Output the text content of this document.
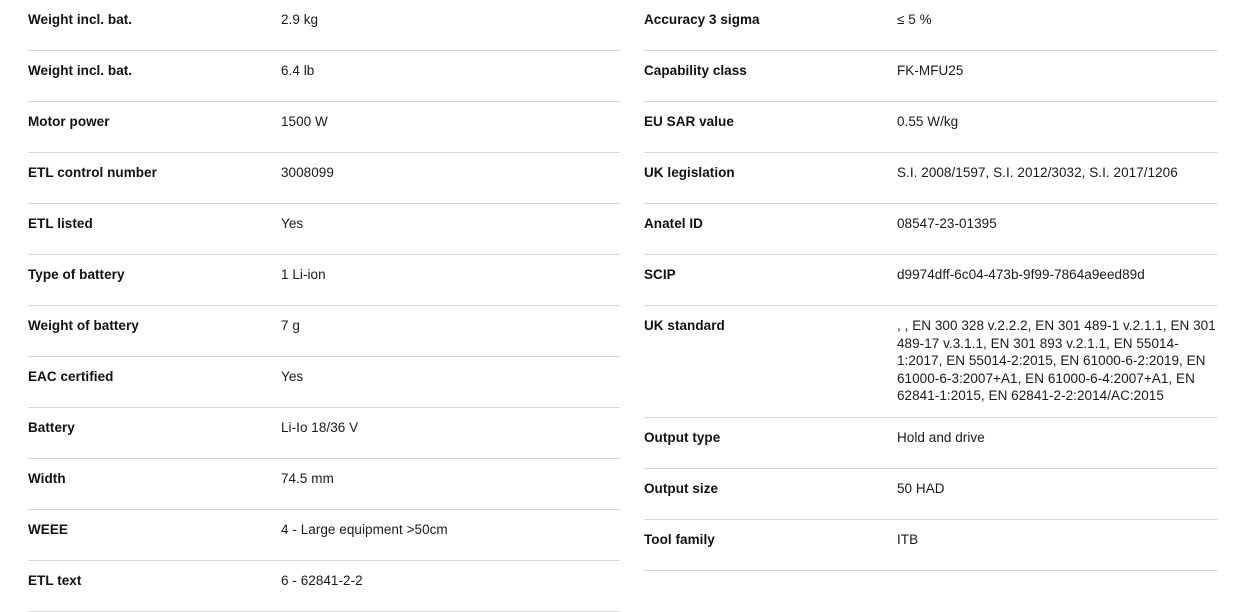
Weight incl. bat.	2.9 kg
Weight incl. bat.	6.4 lb
Motor power	1500 W
ETL control number	3008099
ETL listed	Yes
Type of battery	1 Li-ion
Weight of battery	7 g
EAC certified	Yes
Battery	Li-Io 18/36 V
Width	74.5 mm
WEEE	4 - Large equipment >50cm
ETL text	6 - 62841-2-2
Accuracy 3 sigma	≤ 5 %
Capability class	FK-MFU25
EU SAR value	0.55 W/kg
UK legislation	S.I. 2008/1597, S.I. 2012/3032, S.I. 2017/1206
Anatel ID	08547-23-01395
SCIP	d9974dff-6c04-473b-9f99-7864a9eed89d
UK standard	, , EN 300 328 v.2.2.2, EN 301 489-1 v.2.1.1, EN 301 489-17 v.3.1.1, EN 301 893 v.2.1.1, EN 55014-1:2017, EN 55014-2:2015, EN 61000-6-2:2019, EN 61000-6-3:2007+A1, EN 61000-6-4:2007+A1, EN 62841-1:2015, EN 62841-2-2:2014/AC:2015
Output type	Hold and drive
Output size	50 HAD
Tool family	ITB
